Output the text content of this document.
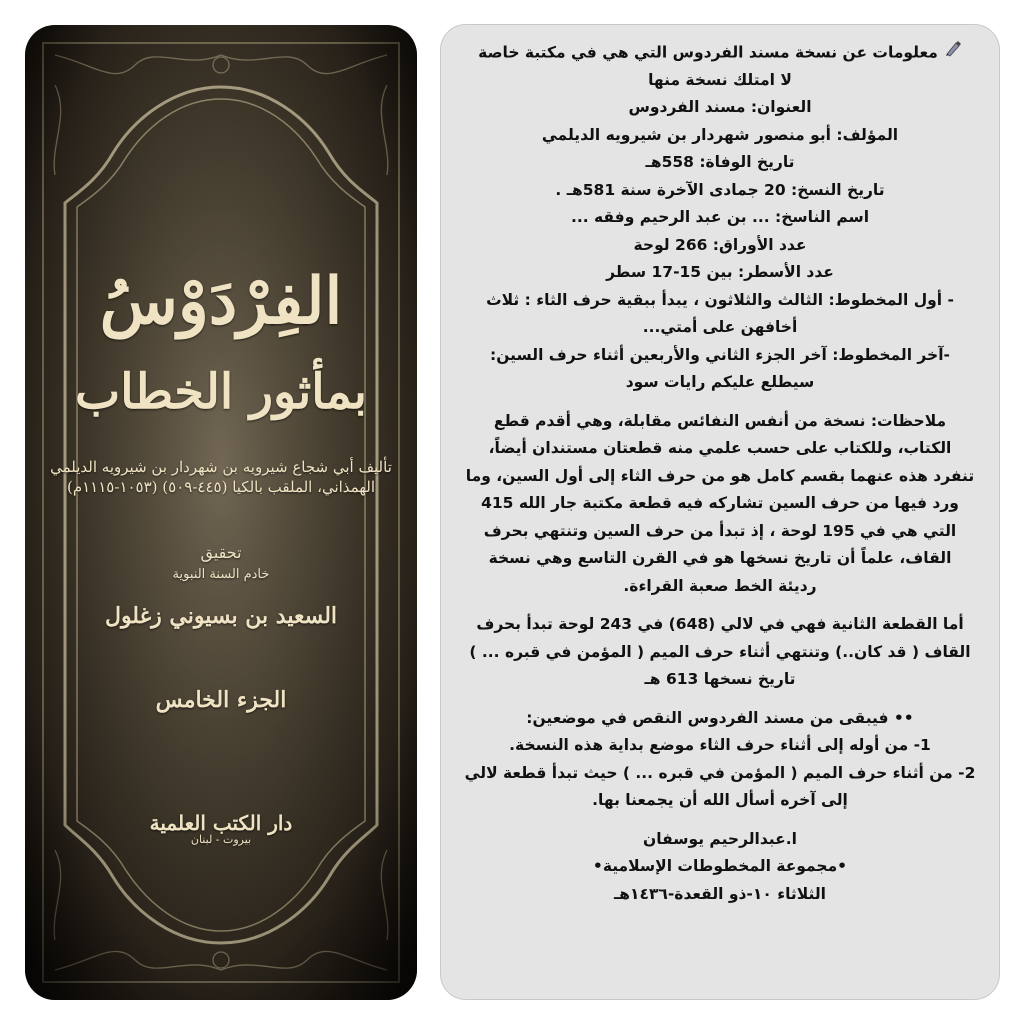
الفِرْدَوْسُ
بمأثور الخطاب
تأليف أبي شجاع شيرويه بن شهردار بن شيرويه الديلمي
الهمذاني، الملقب بالكيا (٤٤٥-٥٠٩) (١٠٥٣-١١١٥م)
تحقيق
خادم السنة النبوية
السعيد بن بسيوني زغلول
الجزء الخامس
دار الكتب العلمية
بيروت - لبنان
معلومات عن نسخة مسند الفردوس التي هي في مكتبة خاصة
لا امتلك نسخة منها
العنوان: مسند الفردوس
المؤلف: أبو منصور شهردار بن شيرويه الديلمي
تاريخ الوفاة: 558هـ
تاريخ النسخ: 20 جمادى الآخرة سنة 581هـ .
اسم الناسخ: ... بن عبد الرحيم وفقه ...
عدد الأوراق: 266 لوحة
عدد الأسطر: بين 15-17 سطر
- أول المخطوط: الثالث والثلاثون ، يبدأ ببقية حرف الثاء : ثلاث
أخافهن على أمتي...
-آخر المخطوط: آخر الجزء الثاني والأربعين أثناء حرف السين:
سيطلع عليكم رايات سود
ملاحظات: نسخة من أنفس النفائس مقابلة، وهي أقدم قطع
الكتاب، وللكتاب على حسب علمي منه قطعتان مستندان أيضاً،
تنفرد هذه عنهما بقسم كامل هو من حرف الثاء إلى أول السين، وما
ورد فيها من حرف السين تشاركه فيه قطعة مكتبة جار الله 415
التي هي في 195 لوحة ، إذ تبدأ من حرف السين وتنتهي بحرف
القاف، علماً أن تاريخ نسخها هو في القرن التاسع وهي نسخة
رديئة الخط صعبة القراءة.
أما القطعة الثانية فهي في لالي (648) في 243 لوحة تبدأ بحرف
القاف ( قد كان..) وتنتهي أثناء حرف الميم ( المؤمن في قبره ... )
تاريخ نسخها 613 هـ
•• فيبقى من مسند الفردوس النقص في موضعين:
1- من أوله إلى أثناء حرف الثاء موضع بداية هذه النسخة.
2- من أثناء حرف الميم ( المؤمن في قبره ... ) حيث تبدأ قطعة لالي
إلى آخره أسأل الله أن يجمعنا بها.
ا.عبدالرحيم يوسفان
•مجموعة المخطوطات الإسلامية•
الثلاثاء ١٠-ذو القعدة-١٤٣٦هـ
